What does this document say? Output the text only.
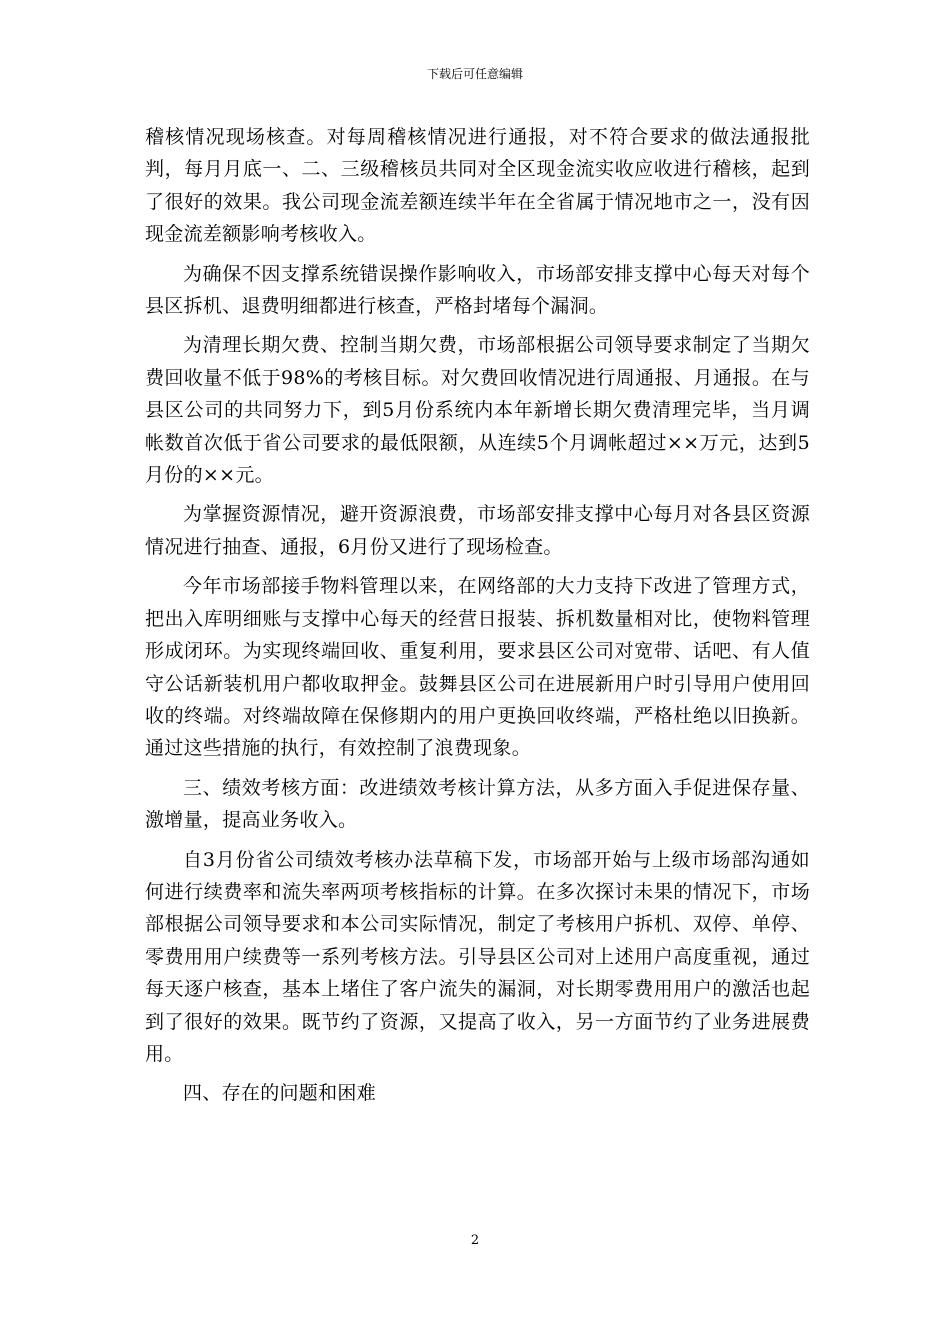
下载后可任意编辑

稽核情况现场核查。对每周稽核情况进行通报，对不符合要求的做法通报批判，每月月底一、二、三级稽核员共同对全区现金流实收应收进行稽核，起到了很好的效果。我公司现金流差额连续半年在全省属于情况地市之一，没有因现金流差额影响考核收入。

为确保不因支撑系统错误操作影响收入，市场部安排支撑中心每天对每个县区拆机、退费明细都进行核查，严格封堵每个漏洞。

为清理长期欠费、控制当期欠费，市场部根据公司领导要求制定了当期欠费回收量不低于98%的考核目标。对欠费回收情况进行周通报、月通报。在与县区公司的共同努力下，到5月份系统内本年新增长期欠费清理完毕，当月调帐数首次低于省公司要求的最低限额，从连续5个月调帐超过××万元，达到5月份的××元。

为掌握资源情况，避开资源浪费，市场部安排支撑中心每月对各县区资源情况进行抽查、通报，6月份又进行了现场检查。

今年市场部接手物料管理以来，在网络部的大力支持下改进了管理方式，把出入库明细账与支撑中心每天的经营日报装、拆机数量相对比，使物料管理形成闭环。为实现终端回收、重复利用，要求县区公司对宽带、话吧、有人值守公话新装机用户都收取押金。鼓舞县区公司在进展新用户时引导用户使用回收的终端。对终端故障在保修期内的用户更换回收终端，严格杜绝以旧换新。通过这些措施的执行，有效控制了浪费现象。

三、绩效考核方面：改进绩效考核计算方法，从多方面入手促进保存量、激增量，提高业务收入。

自3月份省公司绩效考核办法草稿下发，市场部开始与上级市场部沟通如何进行续费率和流失率两项考核指标的计算。在多次探讨未果的情况下，市场部根据公司领导要求和本公司实际情况，制定了考核用户拆机、双停、单停、零费用用户续费等一系列考核方法。引导县区公司对上述用户高度重视，通过每天逐户核查，基本上堵住了客户流失的漏洞，对长期零费用用户的激活也起到了很好的效果。既节约了资源，又提高了收入，另一方面节约了业务进展费用。

四、存在的问题和困难

2
